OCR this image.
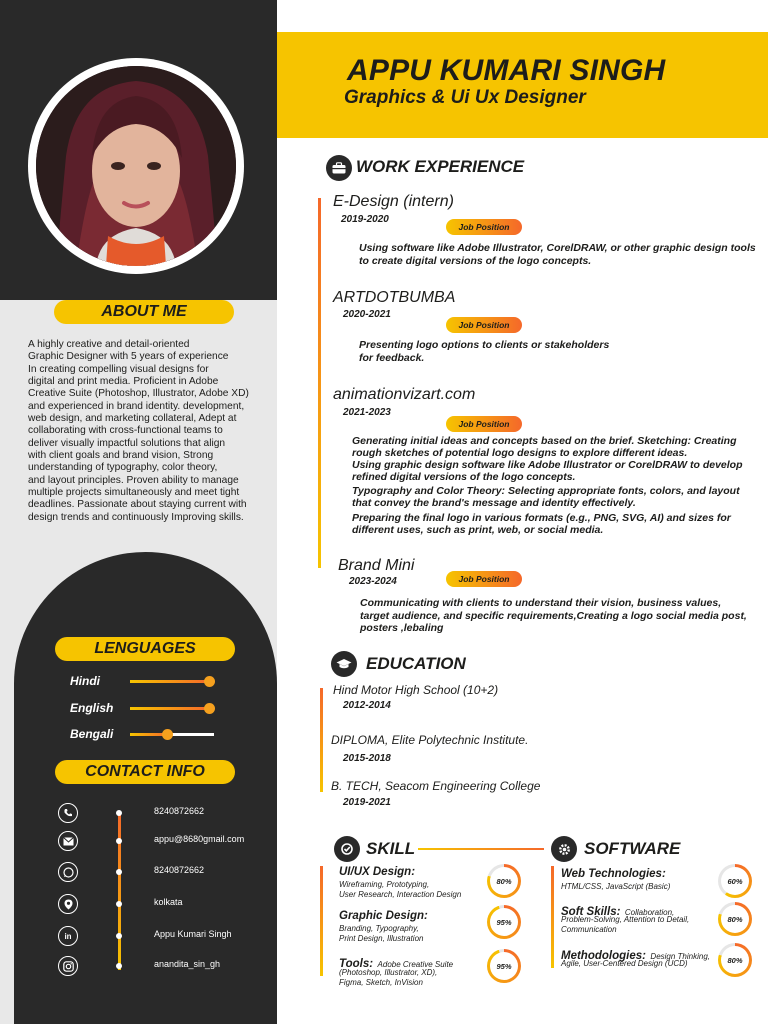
ABOUT ME
A highly creative and detail-oriented
Graphic Designer with 5 years of experience
In creating compelling visual designs for
digital and print media. Proficient in Adobe
Creative Suite (Photoshop, Illustrator, Adobe XD)
and experienced in brand identity. development,
web design, and marketing collateral, Adept at
collaborating with cross-functional teams to
deliver visually impactful solutions that align
with client goals and brand vision, Strong
understanding of typography, color theory,
and layout principles. Proven ability to manage
multiple projects simultaneously and meet tight
deadlines. Passionate about staying current with
design trends and continuously Improving skills.
LENGUAGES
Hindi
English
Bengali
CONTACT INFO
8240872662
appu@8680gmail.com
8240872662
kolkata
in	Appu Kumari Singh
anandita_sin_gh
APPU KUMARI SINGH
Graphics & Ui Ux Designer
WORK EXPERIENCE
E-Design (intern)
2019-2020
Job Position
Using software like Adobe Illustrator, CorelDRAW, or other graphic design tools
to create digital versions of the logo concepts.
ARTDOTBUMBA
2020-2021
Job Position
Presenting logo options to clients or stakeholders
for feedback.
animationvizart.com
2021-2023
Job Position
Generating initial ideas and concepts based on the brief. Sketching: Creating
rough sketches of potential logo designs to explore different ideas.
Using graphic design software like Adobe Illustrator or CorelDRAW to develop
refined digital versions of the logo concepts.
Typography and Color Theory: Selecting appropriate fonts, colors, and layout
that convey the brand's message and identity effectively.
Preparing the final logo in various formats (e.g., PNG, SVG, AI) and sizes for
different uses, such as print, web, or social media.
Brand Mini
2023-2024	Job Position
Communicating with clients to understand their vision, business values,
target audience, and specific requirements,Creating a logo social media post,
posters ,lebaling
EDUCATION
Hind Motor High School (10+2)
2012-2014
DIPLOMA, Elite Polytechnic Institute.
2015-2018
B. TECH, Seacom Engineering College
2019-2021
SKILL
UI/UX Design:
Wireframing, Prototyping,
User Research, Interaction Design
80%
Graphic Design:
Branding, Typography,
Print Design, Illustration
95%
Tools: Adobe Creative Suite
(Photoshop, Illustrator, XD),
Figma, Sketch, InVision
95%
SOFTWARE
Web Technologies:
HTML/CSS, JavaScript (Basic)
60%
Soft Skills: Collaboration,
Problem-Solving, Attention to Detail,
Communication
80%
Methodologies: Design Thinking,
Agile, User-Centered Design (UCD)	80%
